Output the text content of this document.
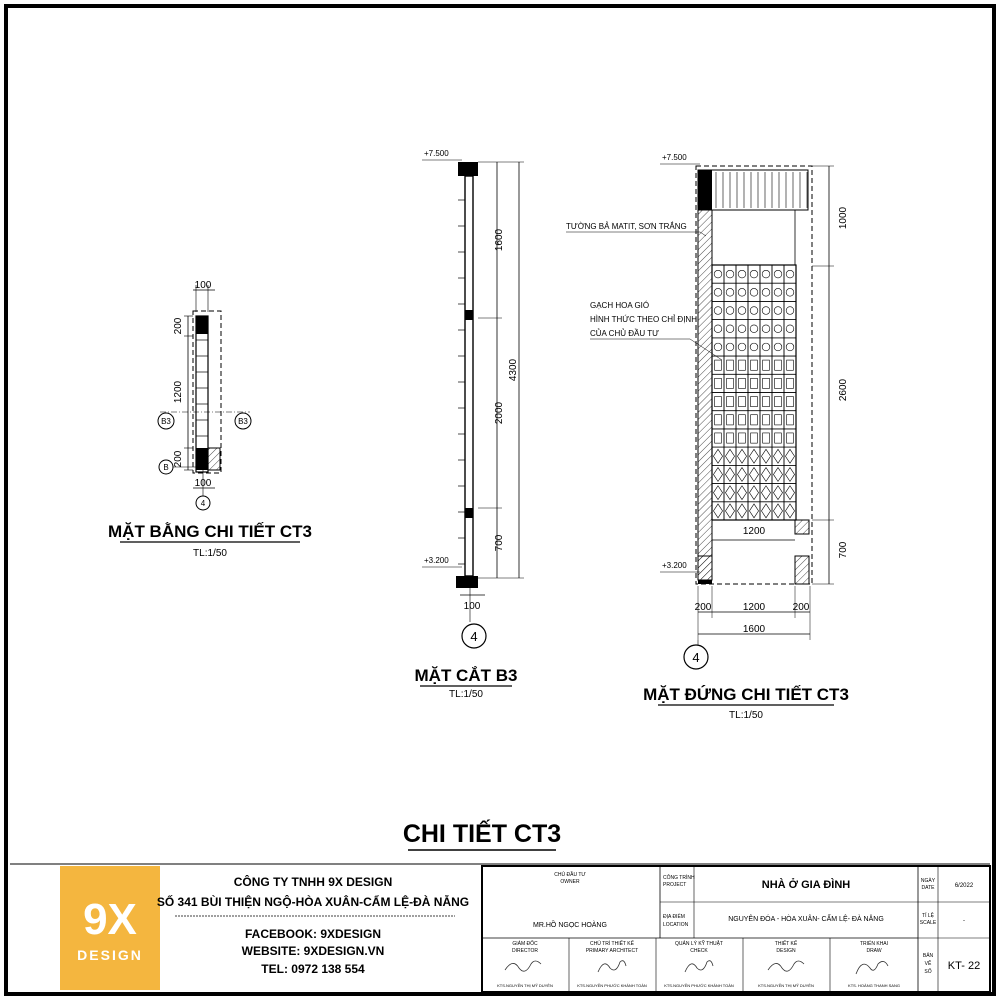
100
200
1200
200
100
B3	B3
B
4
MẶT BẰNG CHI TIẾT CT3
TL:1/50
+7.500
+3.200
1600
2000
700
4300
100
4
MẶT CẮT B3
TL:1/50
+7.500
+3.200
1200
TƯỜNG BẢ MATIT, SƠN TRẮNG
GẠCH HOA GIÓ
HÌNH THỨC THEO CHỈ ĐỊNH
CỦA CHỦ ĐẦU TƯ
1000
2600
700
200	1200	200
1600
4
MẶT ĐỨNG CHI TIẾT CT3
TL:1/50
CHI TIẾT CT3
9X
DESIGN
CÔNG TY TNHH 9X DESIGN
SỐ 341 BÙI THIỆN NGỘ-HÒA XUÂN-CẨM LỆ-ĐÀ NẴNG
FACEBOOK: 9XDESIGN
WEBSITE: 9XDESIGN.VN
TEL: 0972 138 554
CHỦ ĐẦU TƯ
OWNER
MR.HỒ NGỌC HOÀNG
CÔNG TRÌNH
PROJECT	NHÀ Ở GIA ĐÌNH
ĐỊA ĐIỂM
LOCATION
NGUYÊN ĐÓA - HÒA XUÂN- CẨM LỆ- ĐÀ NẴNG
NGÀY
DATE	6/2022
TỈ LỆ
SCALE	-
BẢN
VẼ
SỐ KT- 22
GIÁM ĐỐC
DIRECTOR
KTS.NGUYỄN THỊ MỸ DUYÊN
CHỦ TRÌ THIẾT KẾ
PRIMARY ARCHITECT
KTS.NGUYỄN PHƯỚC KHÁNH TOÀN
QUẢN LÝ KỸ THUẬT
CHECK
KTS.NGUYỄN PHƯỚC KHÁNH TOÀN
THIẾT KẾ
DESIGN
KTS.NGUYỄN THỊ MỸ DUYÊN
TRIỂN KHAI
DRAW
KTS. HOÀNG THANH SANG
